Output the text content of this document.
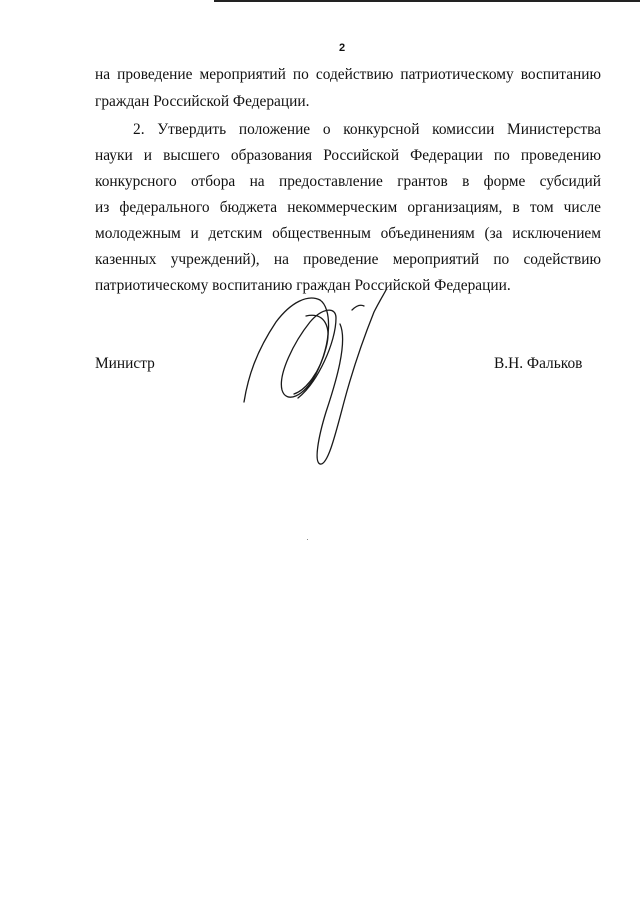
2
на проведение мероприятий по содействию патриотическому воспитанию
граждан Российской Федерации.
2. Утвердить положение о конкурсной комиссии Министерства
науки и высшего образования Российской Федерации по проведению
конкурсного отбора на предоставление грантов в форме субсидий
из федерального бюджета некоммерческим организациям, в том числе
молодежным и детским общественным объединениям (за исключением
казенных учреждений), на проведение мероприятий по содействию
патриотическому воспитанию граждан Российской Федерации.
Министр	В.Н. Фальков
